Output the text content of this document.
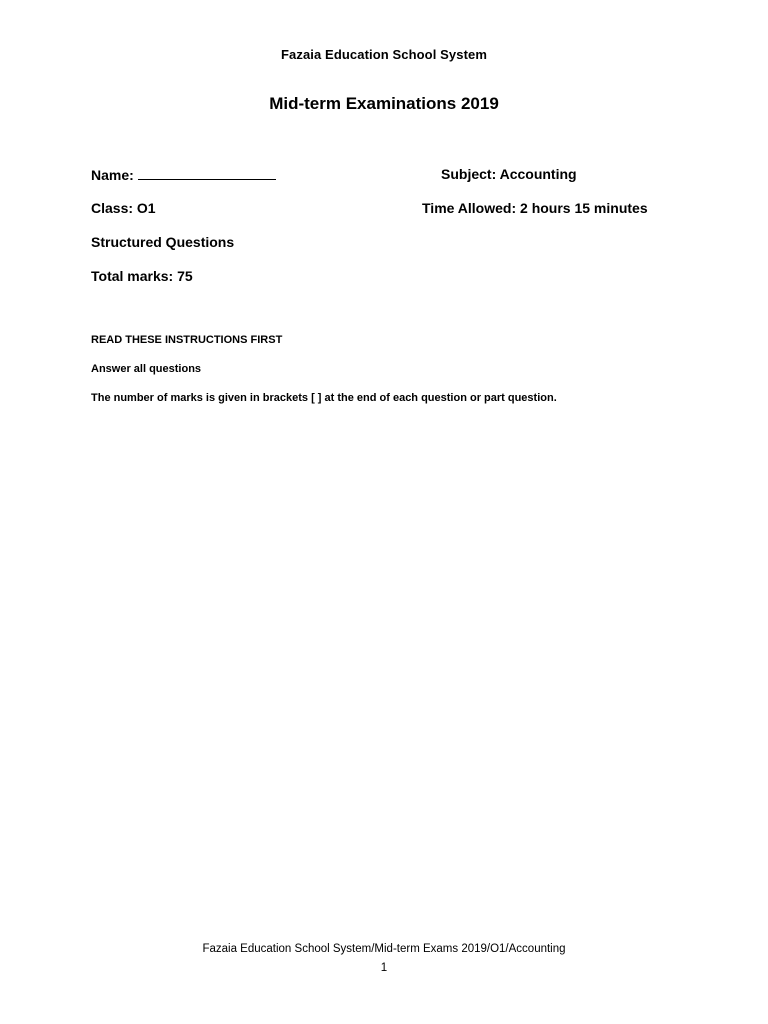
Fazaia Education School System
Mid-term Examinations 2019
Name:	Subject: Accounting
Class: O1	Time Allowed: 2 hours 15 minutes
Structured Questions
Total marks: 75
READ THESE INSTRUCTIONS FIRST
Answer all questions
The number of marks is given in brackets [ ] at the end of each question or part question.
Fazaia Education School System/Mid-term Exams 2019/O1/Accounting
1
